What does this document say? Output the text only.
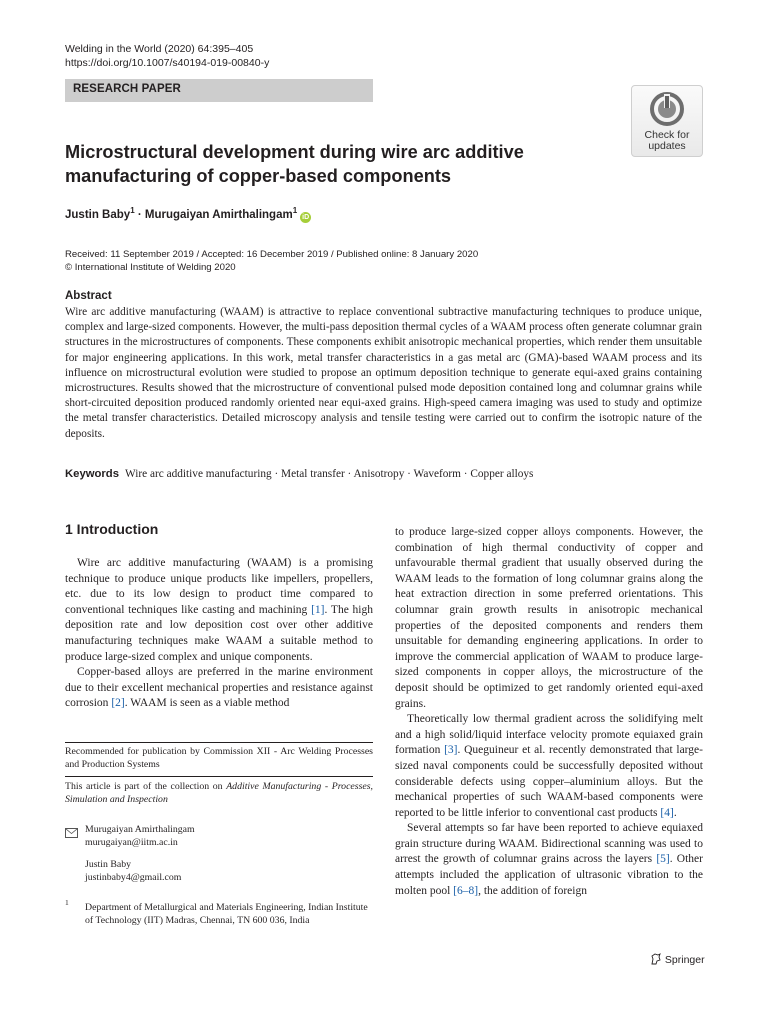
Welding in the World (2020) 64:395–405
https://doi.org/10.1007/s40194-019-00840-y
RESEARCH PAPER
Check for
updates
Microstructural development during wire arc additive manufacturing of copper-based components
Justin Baby$^1$ · Murugaiyan Amirthalingam$^1$iD
Received: 11 September 2019 / Accepted: 16 December 2019 / Published online: 8 January 2020
© International Institute of Welding 2020
Abstract
Wire arc additive manufacturing (WAAM) is attractive to replace conventional subtractive manufacturing techniques to produce unique, complex and large-sized components. However, the multi-pass deposition thermal cycles of a WAAM process often generate columnar grain structures in the microstructures of components. These components exhibit anisotropic mechanical properties, which render them unsuitable for major engineering applications. In this work, metal transfer characteristics in a gas metal arc (GMA)-based WAAM process and its influence on microstructural evolution were studied to propose an optimum deposition technique to generate equi-axed grains containing microstructures. Results showed that the microstructure of conventional pulsed mode deposition contained long and columnar grains while short-circuited deposition produced randomly oriented near equi-axed grains. High-speed camera imaging was used to study and optimize the metal transfer characteristics. Detailed microscopy analysis and tensile testing were carried out to confirm the isotropic nature of the deposits.
Keywords Wire arc additive manufacturing · Metal transfer · Anisotropy · Waveform · Copper alloys
1 Introduction

Wire arc additive manufacturing (WAAM) is a promising technique to produce unique products like impellers, propellers, etc. due to its low design to product time compared to conventional techniques like casting and machining [1]. The high deposition rate and low deposition cost over other additive manufacturing techniques make WAAM a suitable method to produce large-sized complex and unique components.

Copper-based alloys are preferred in the marine environment due to their excellent mechanical properties and resistance against corrosion [2]. WAAM is seen as a viable method

Recommended for publication by Commission XII - Arc Welding Processes and Production Systems
This article is part of the collection on Additive Manufacturing - Processes, Simulation and Inspection
Murugaiyan Amirthalingam
murugaiyan@iitm.ac.in
Justin Baby
justinbaby4@gmail.com
1 Department of Metallurgical and Materials Engineering, Indian Institute of Technology (IIT) Madras, Chennai, TN 600 036, India

to produce large-sized copper alloys components. However, the combination of high thermal conductivity of copper and unfavourable thermal gradient that usually observed during the WAAM leads to the formation of long columnar grains along the heat extraction direction in some preferred orientations. This columnar grain growth results in anisotropic mechanical properties of the deposited components and renders them unsuitable for demanding engineering applications. In order to improve the commercial application of WAAM to produce large-sized components in copper alloys, the microstructure of the deposit should be optimized to get randomly oriented equi-axed grains.

Theoretically low thermal gradient across the solidifying melt and a high solid/liquid interface velocity promote equiaxed grain formation [3]. Queguineur et al. recently demonstrated that large-sized naval components could be successfully deposited without considerable defects using copper–aluminium alloys. But the mechanical properties of such WAAM-based components were reported to be little inferior to conventional cast products [4].

Several attempts so far have been reported to achieve equiaxed grain structure during WAAM. Bidirectional scanning was used to arrest the growth of columnar grains across the layers [5]. Other attempts included the application of ultrasonic vibration to the molten pool [6–8], the addition of foreign

Springer
